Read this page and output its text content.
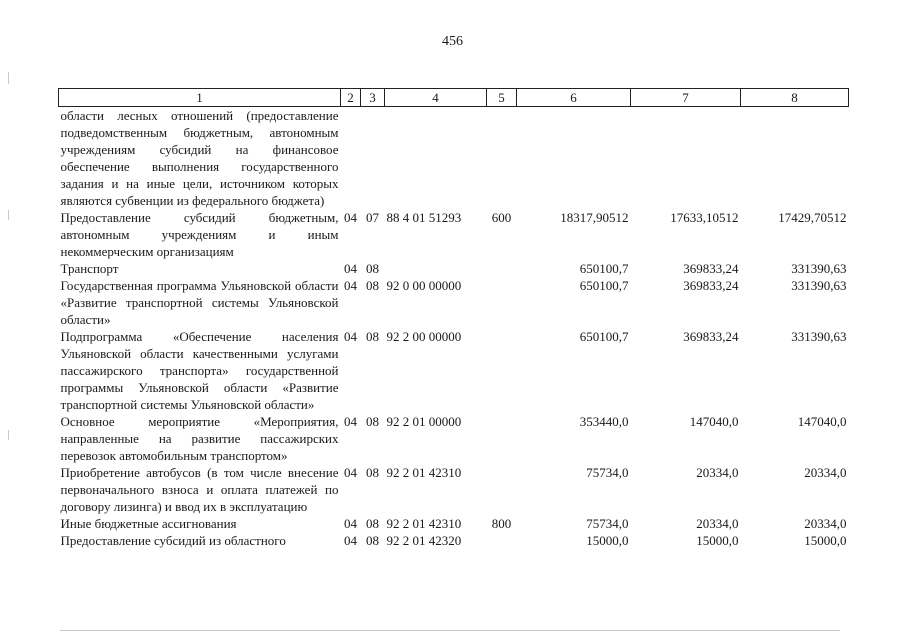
456
1	2	3	4	5	6	7	8
области лесных отношений (предоставление подведомственным бюджетным, автономным учреждениям субсидий на финансовое обеспечение выполнения государственного задания и на иные цели, источником которых являются субвенции из федерального бюджета)							
Предоставление субсидий бюджетным, автономным учреждениям и иным некоммерческим организациям	04	07	88 4 01 51293	600	18317,90512	17633,10512	17429,70512
Транспорт	04	08			650100,7	369833,24	331390,63
Государственная программа Ульяновской области «Развитие транспортной системы Ульяновской области»	04	08	92 0 00 00000		650100,7	369833,24	331390,63
Подпрограмма «Обеспечение населения Ульяновской области качественными услугами пассажирского транспорта» государственной программы Ульяновской области «Развитие транспортной системы Ульяновской области»	04	08	92 2 00 00000		650100,7	369833,24	331390,63
Основное мероприятие «Мероприятия, направленные на развитие пассажирских перевозок автомобильным транспортом»	04	08	92 2 01 00000		353440,0	147040,0	147040,0
Приобретение автобусов (в том числе внесение первоначального взноса и оплата платежей по договору лизинга) и ввод их в эксплуатацию	04	08	92 2 01 42310		75734,0	20334,0	20334,0
Иные бюджетные ассигнования	04	08	92 2 01 42310	800	75734,0	20334,0	20334,0
Предоставление субсидий из областного	04	08	92 2 01 42320		15000,0	15000,0	15000,0
